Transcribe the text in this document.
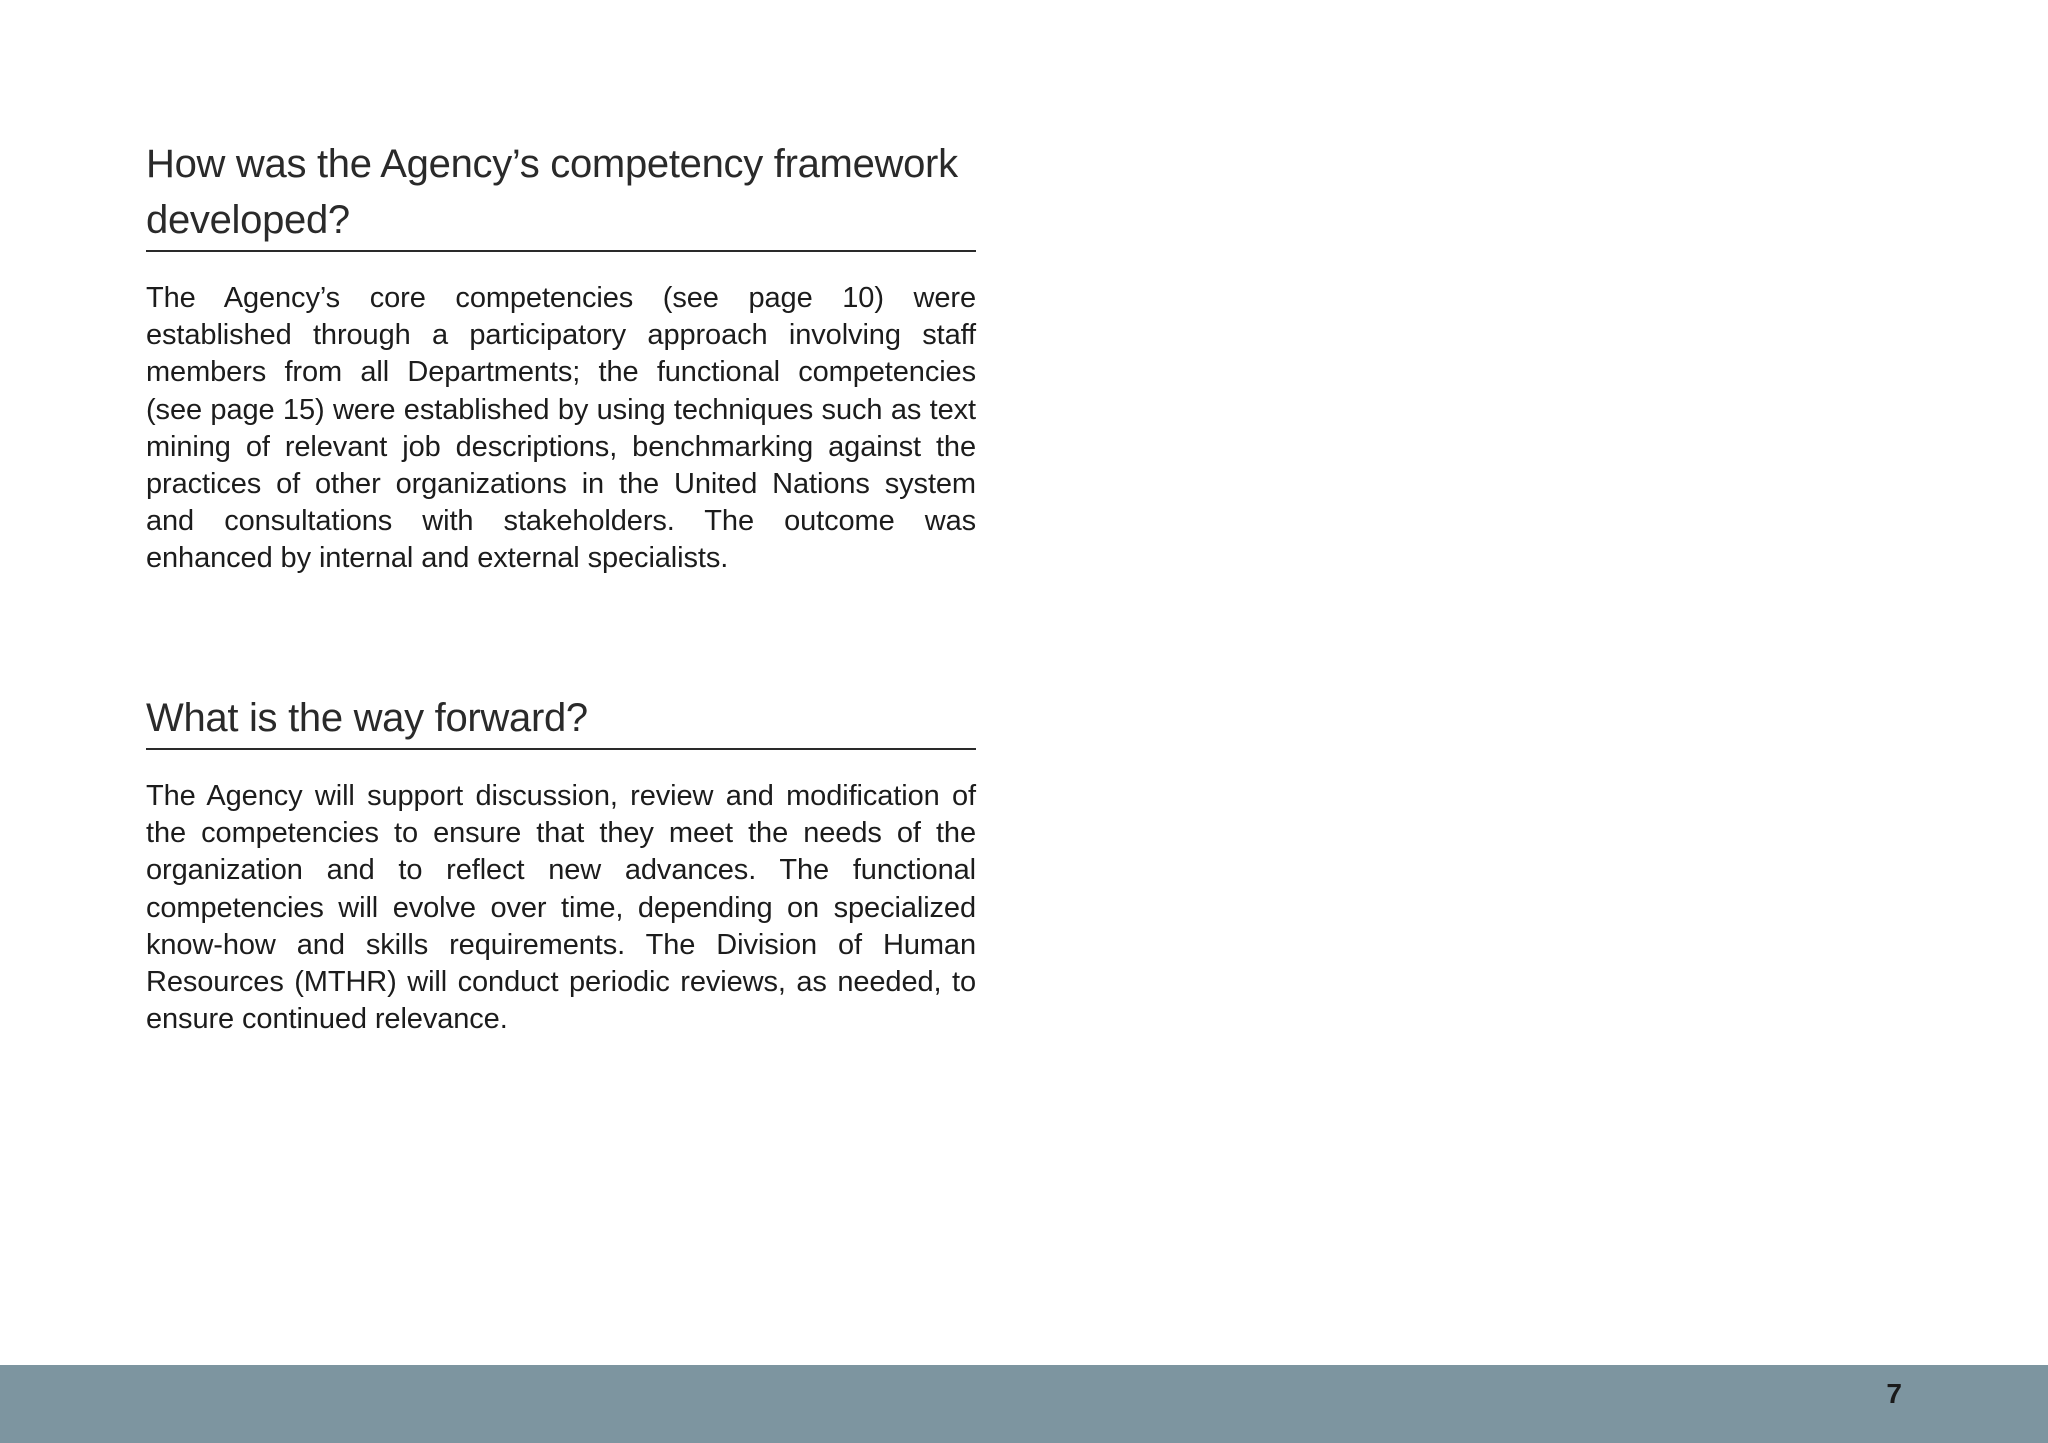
How was the Agency’s competency framework developed?

The Agency’s core competencies (see page 10) were established through a participatory approach involving staff members from all Departments; the functional competencies (see page 15) were established by using techniques such as text mining of relevant job descriptions, benchmarking against the practices of other organizations in the United Nations system and consultations with stakeholders. The outcome was enhanced by internal and external specialists.

What is the way forward?

The Agency will support discussion, review and modification of the competencies to ensure that they meet the needs of the organization and to reflect new advances. The functional competencies will evolve over time, depending on specialized know-how and skills requirements. The Division of Human Resources (MTHR) will conduct periodic reviews, as needed, to ensure continued relevance.

7
